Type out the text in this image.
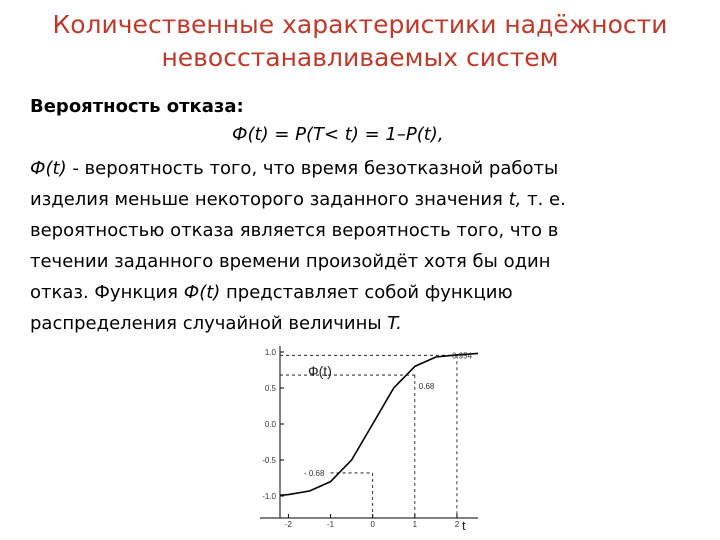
Количественные характеристики надёжности
невосстанавливаемых систем
Вероятность отказа:
Ф(t) = P(T< t) = 1–P(t),
Ф(t) - вероятность того, что время безотказной работы
изделия меньше некоторого заданного значения t, т. е.
вероятностью отказа является вероятность того, что в
течении заданного времени произойдёт хотя бы один
отказ. Функция Ф(t) представляет собой функцию
распределения случайной величины T.
1.0
0.5
0.0
-0.5
-1.0
-2	-1	0	1	2
Ф(t)
t
0.954
0.68
- 0.68
